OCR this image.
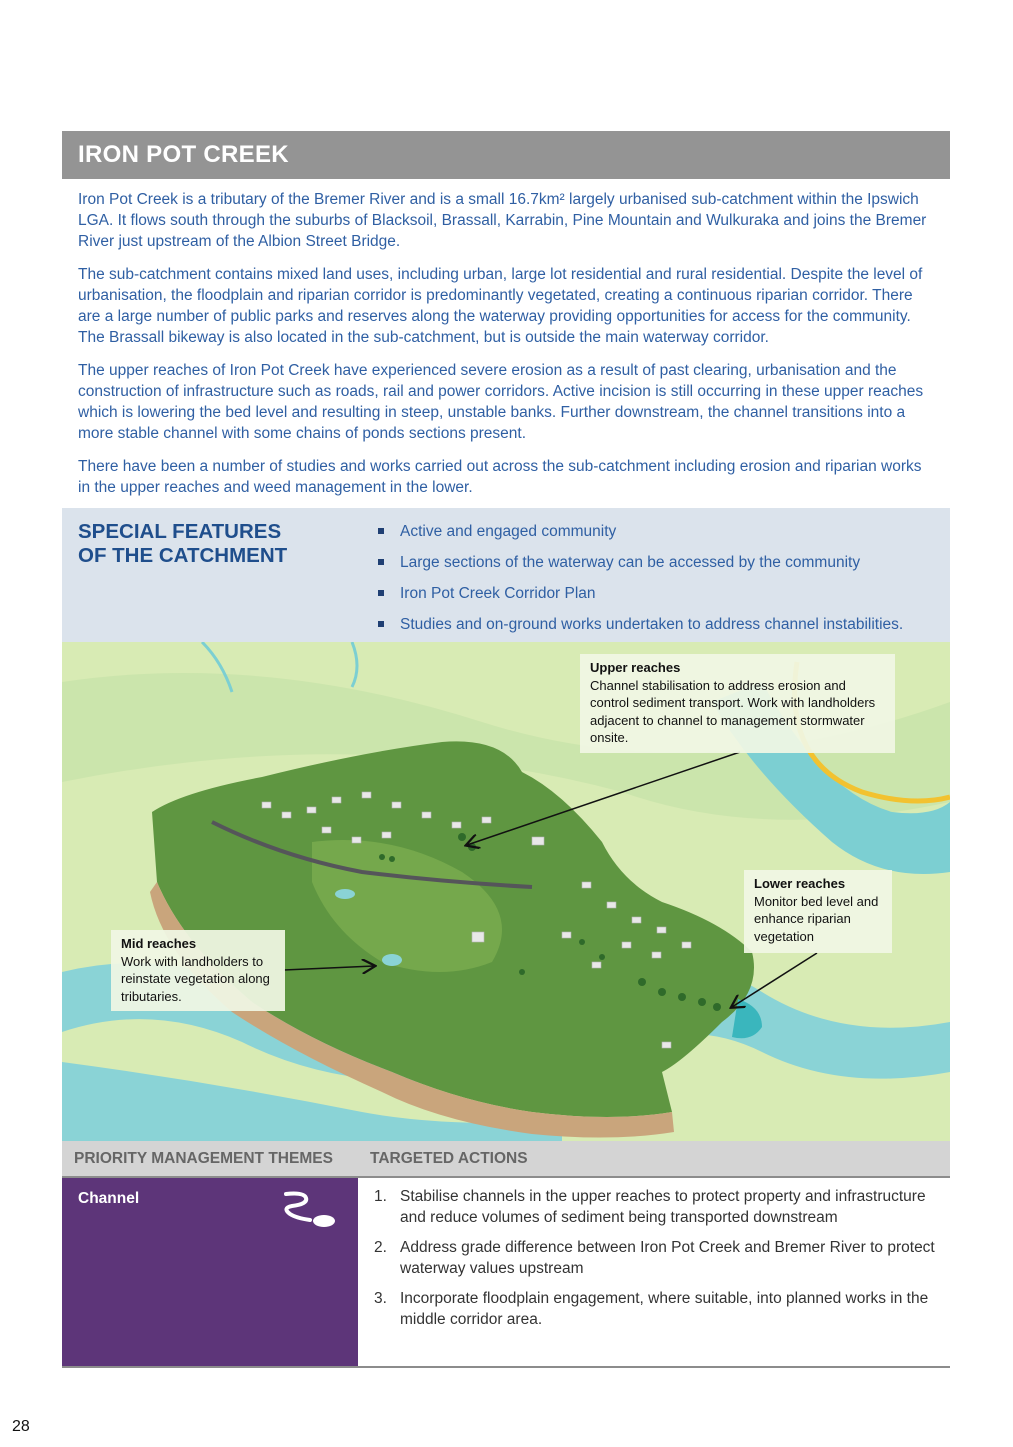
IRON POT CREEK

Iron Pot Creek is a tributary of the Bremer River and is a small 16.7km² largely urbanised sub-catchment within the Ipswich LGA. It flows south through the suburbs of Blacksoil, Brassall, Karrabin, Pine Mountain and Wulkuraka and joins the Bremer River just upstream of the Albion Street Bridge.

The sub-catchment contains mixed land uses, including urban, large lot residential and rural residential. Despite the level of urbanisation, the floodplain and riparian corridor is predominantly vegetated, creating a continuous riparian corridor. There are a large number of public parks and reserves along the waterway providing opportunities for access for the community. The Brassall bikeway is also located in the sub-catchment, but is outside the main waterway corridor.

The upper reaches of Iron Pot Creek have experienced severe erosion as a result of past clearing, urbanisation and the construction of infrastructure such as roads, rail and power corridors. Active incision is still occurring in these upper reaches which is lowering the bed level and resulting in steep, unstable banks. Further downstream, the channel transitions into a more stable channel with some chains of ponds sections present.

There have been a number of studies and works carried out across the sub-catchment including erosion and riparian works in the upper reaches and weed management in the lower.

SPECIAL FEATURES
OF THE CATCHMENT
Active and engaged community
Large sections of the waterway can be accessed by the community
Iron Pot Creek Corridor Plan
Studies and on-ground works undertaken to address channel instabilities.
Upper reaches
Channel stabilisation to address erosion and control sediment transport. Work with landholders adjacent to channel to management stormwater onsite.
Mid reaches
Work with landholders to reinstate vegetation along tributaries.
Lower reaches
Monitor bed level and enhance riparian vegetation
PRIORITY MANAGEMENT THEMES	TARGETED ACTIONS
Channel	1. Stabilise channels in the upper reaches to protect property and infrastructure and reduce volumes of sediment being transported downstream
2. Address grade difference between Iron Pot Creek and Bremer River to protect waterway values upstream
3. Incorporate floodplain engagement, where suitable, into planned works in the middle corridor area.
28
